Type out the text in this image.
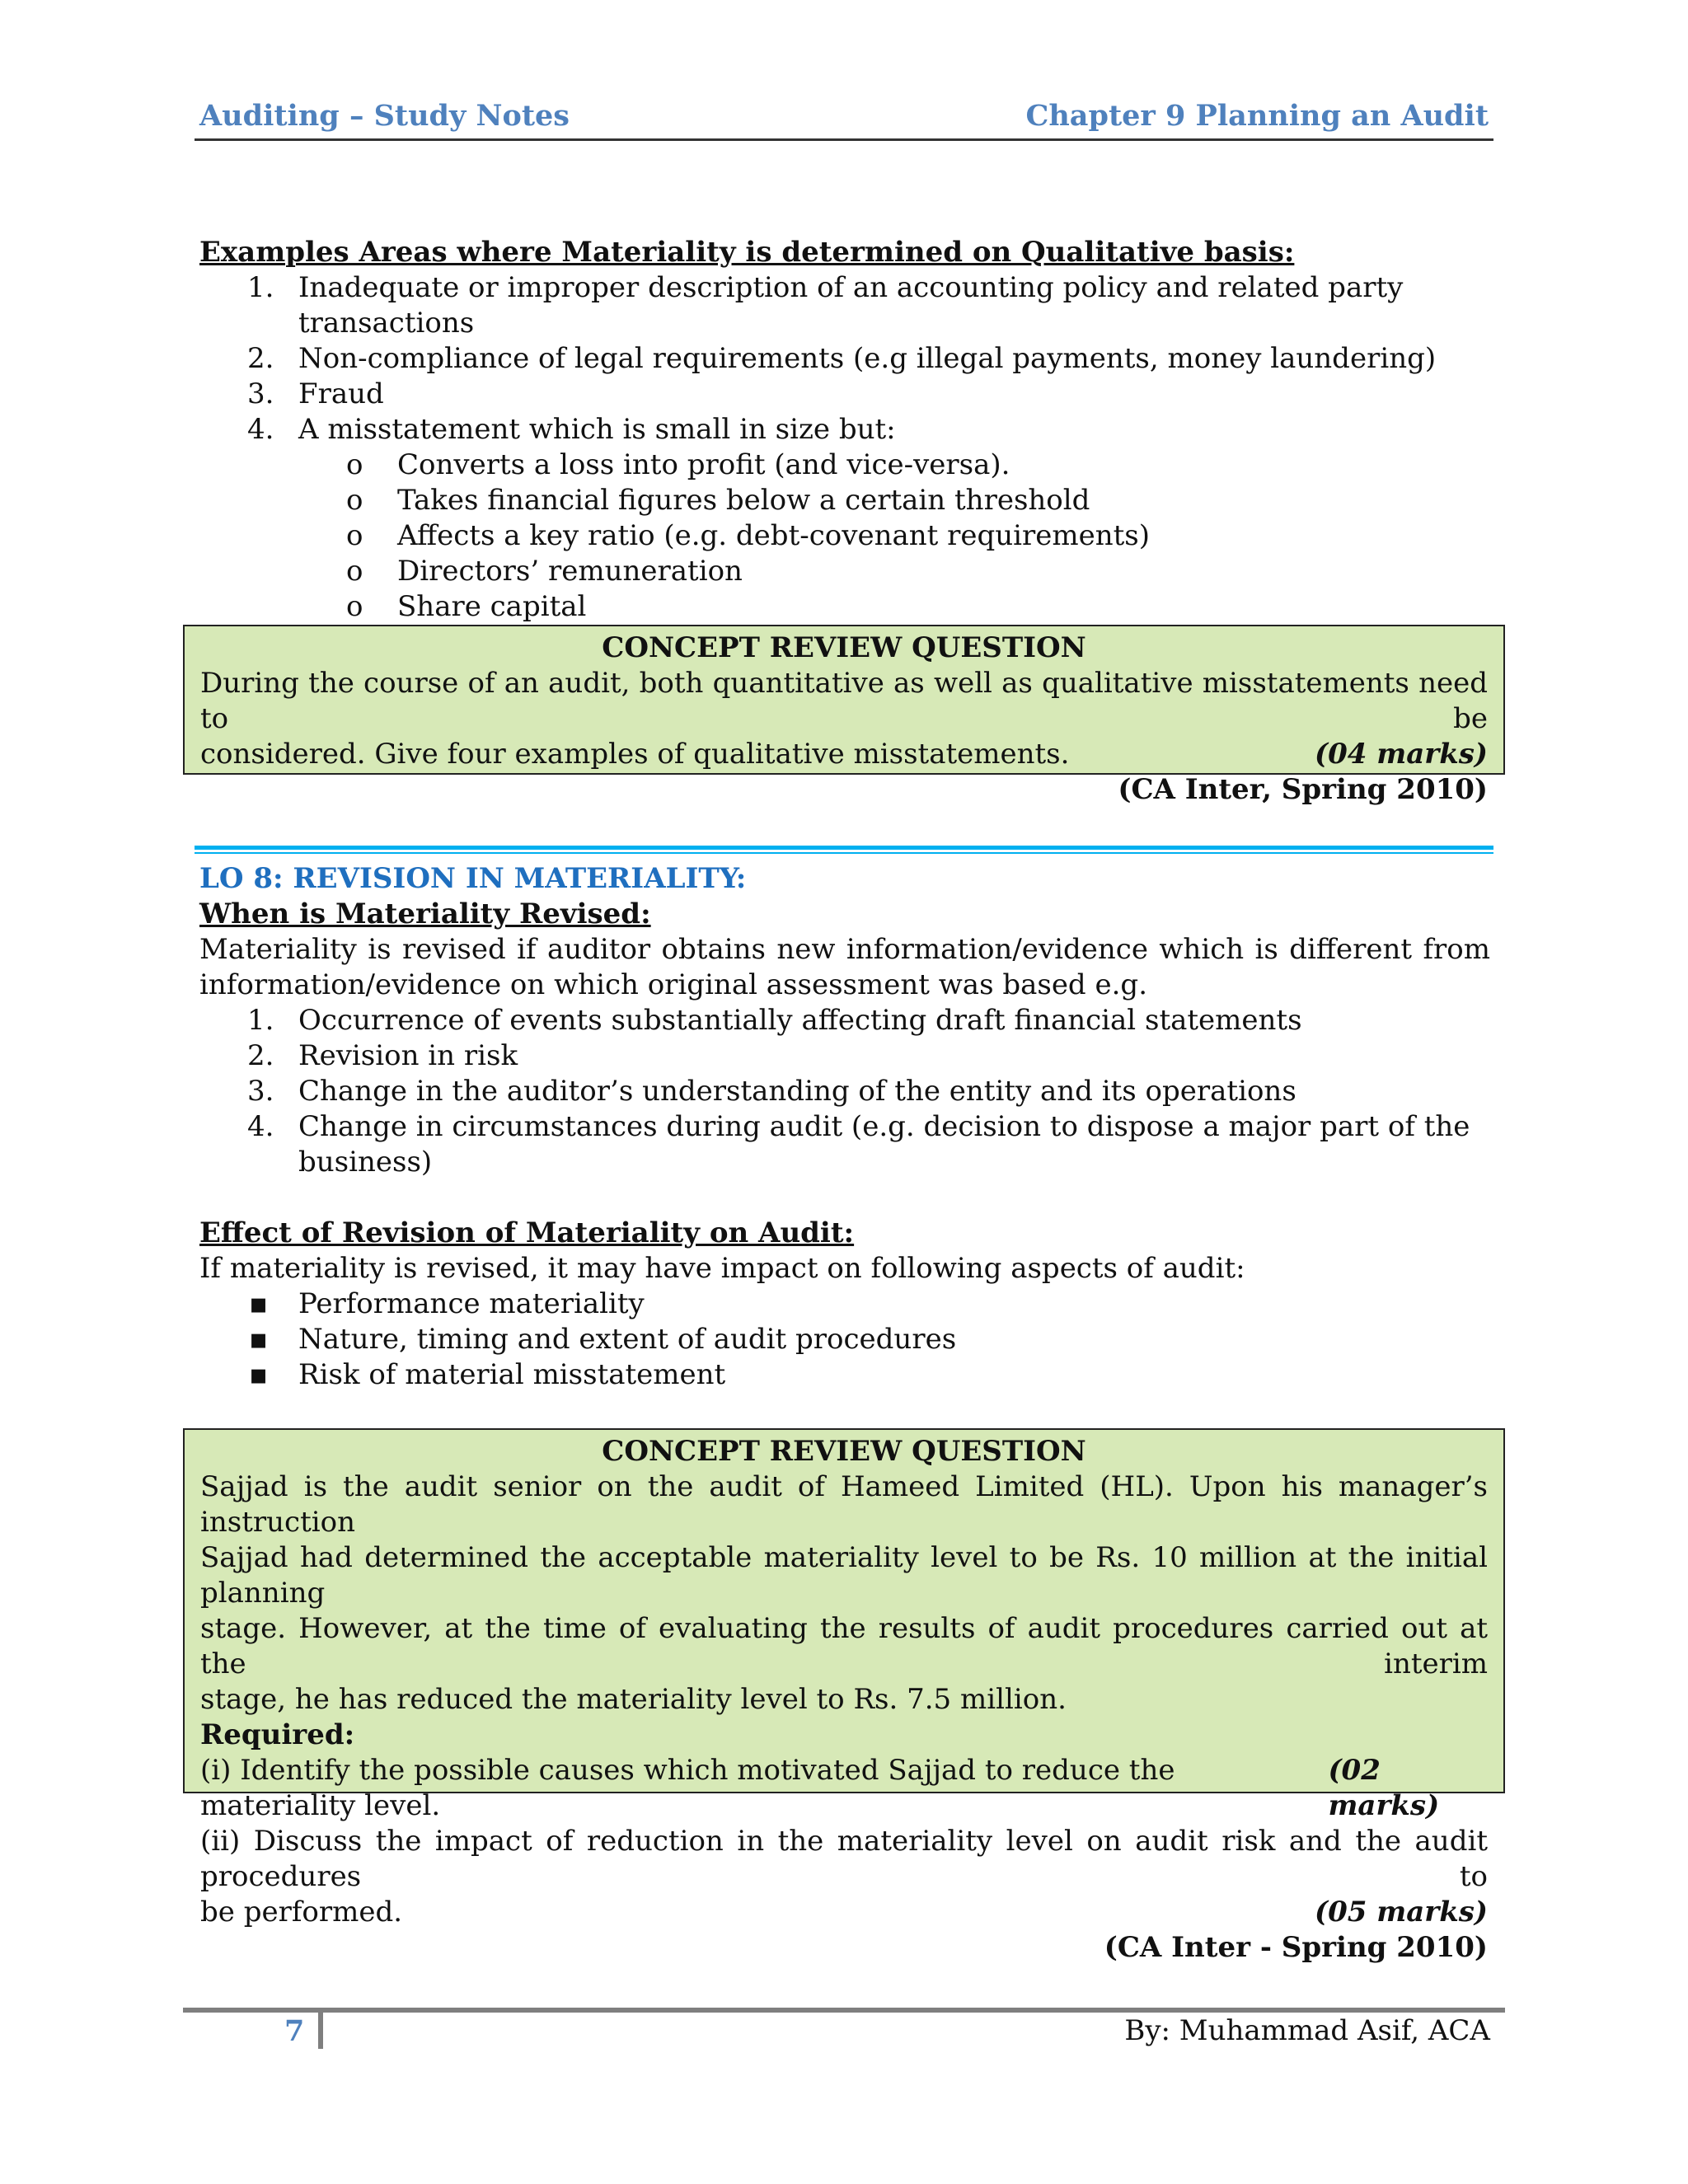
Auditing – Study Notes	Chapter 9 Planning an Audit
Examples Areas where Materiality is determined on Qualitative basis:
1. Inadequate or improper description of an accounting policy and related party transactions
2. Non-compliance of legal requirements (e.g illegal payments, money laundering)
3. Fraud
4. A misstatement which is small in size but:
o Converts a loss into profit (and vice-versa).
o Takes financial figures below a certain threshold
o Affects a key ratio (e.g. debt-covenant requirements)
o Directors’ remuneration
o Share capital
CONCEPT REVIEW QUESTION
During the course of an audit, both quantitative as well as qualitative misstatements need to be
considered. Give four examples of qualitative misstatements.	(04 marks)
(CA Inter, Spring 2010)
LO 8: REVISION IN MATERIALITY:
When is Materiality Revised:
Materiality is revised if auditor obtains new information/evidence which is different from
information/evidence on which original assessment was based e.g.
1. Occurrence of events substantially affecting draft financial statements
2. Revision in risk
3. Change in the auditor’s understanding of the entity and its operations
4. Change in circumstances during audit (e.g. decision to dispose a major part of the business)
Effect of Revision of Materiality on Audit:
If materiality is revised, it may have impact on following aspects of audit:
▪ Performance materiality
▪ Nature, timing and extent of audit procedures
▪ Risk of material misstatement
CONCEPT REVIEW QUESTION
Sajjad is the audit senior on the audit of Hameed Limited (HL). Upon his manager’s instruction
Sajjad had determined the acceptable materiality level to be Rs. 10 million at the initial planning
stage. However, at the time of evaluating the results of audit procedures carried out at the interim
stage, he has reduced the materiality level to Rs. 7.5 million.
Required:
(i) Identify the possible causes which motivated Sajjad to reduce the materiality level.
(02 marks)
(ii) Discuss the impact of reduction in the materiality level on audit risk and the audit procedures to
be performed.	(05 marks)
(CA Inter - Spring 2010)
7	By: Muhammad Asif, ACA
